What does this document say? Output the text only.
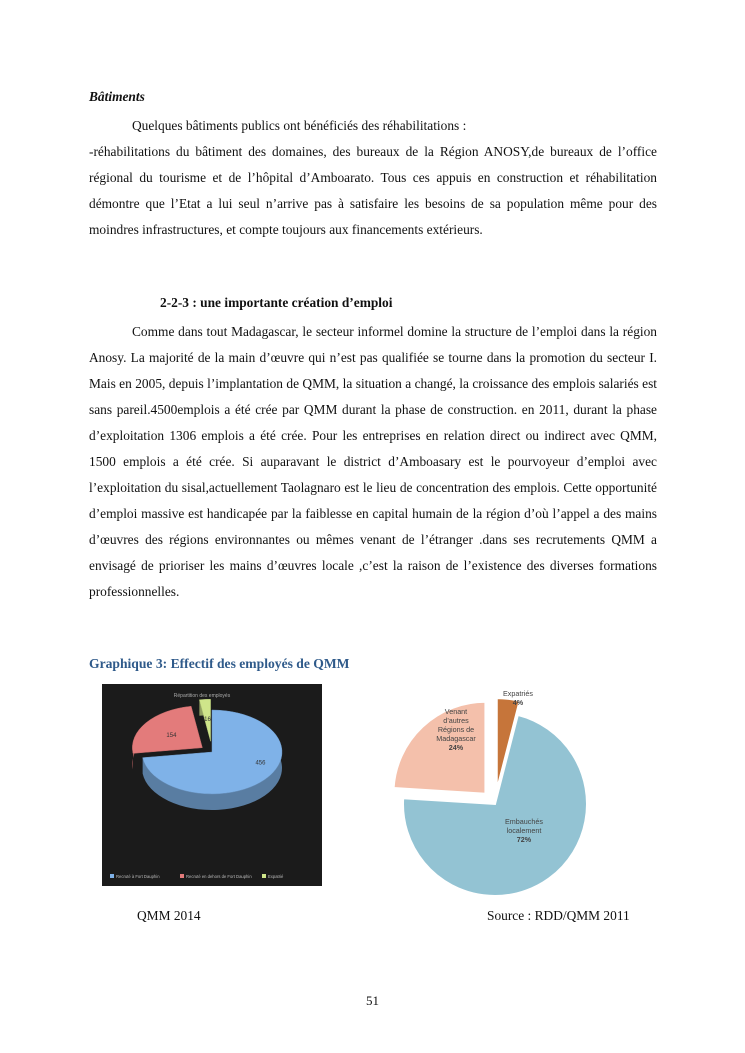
Bâtiments

Quelques bâtiments publics ont bénéficiés des réhabilitations :

-réhabilitations du bâtiment des domaines, des bureaux de la Région ANOSY,de bureaux de l’office régional du tourisme et de l’hôpital d’Amboarato. Tous ces appuis en construction et réhabilitation démontre que l’Etat a lui seul n’arrive pas à satisfaire les besoins de sa population même pour des moindres infrastructures, et compte toujours aux financements extérieurs.

2-2-3 : une importante création d’emploi

Comme dans tout Madagascar, le secteur informel domine la structure de l’emploi dans la région Anosy. La majorité de la main d’œuvre qui n’est pas qualifiée se tourne dans la promotion du secteur I. Mais en 2005, depuis l’implantation de QMM, la situation a changé, la croissance des emplois salariés est sans pareil.4500emplois a été crée par QMM durant la phase de construction. en 2011, durant la phase d’exploitation 1306 emplois a été crée. Pour les entreprises en relation direct ou indirect avec QMM, 1500 emplois a été crée. Si auparavant le district d’Amboasary est le pourvoyeur d’emploi avec l’exploitation du sisal,actuellement Taolagnaro est le lieu de concentration des emplois. Cette opportunité d’emploi massive est handicapée par la faiblesse en capital humain de la région d’où l’appel a des mains d’œuvres des régions environnantes ou mêmes venant de l’étranger .dans ses recrutements QMM a envisagé de prioriser les mains d’œuvres locale ,c’est la raison de l’existence des diverses formations professionnelles.

Graphique 3: Effectif des employés de QMM
Répartition des employés
456
154
16
Recruté à Fort Dauphin	Recruté en dehors de Fort Dauphin	Expatrié
Expatriés
4%
Embauchés
localement
72%
Venant
d’autres
Régions de
Madagascar
24%
QMM 2014	Source : RDD/QMM 2011
51
